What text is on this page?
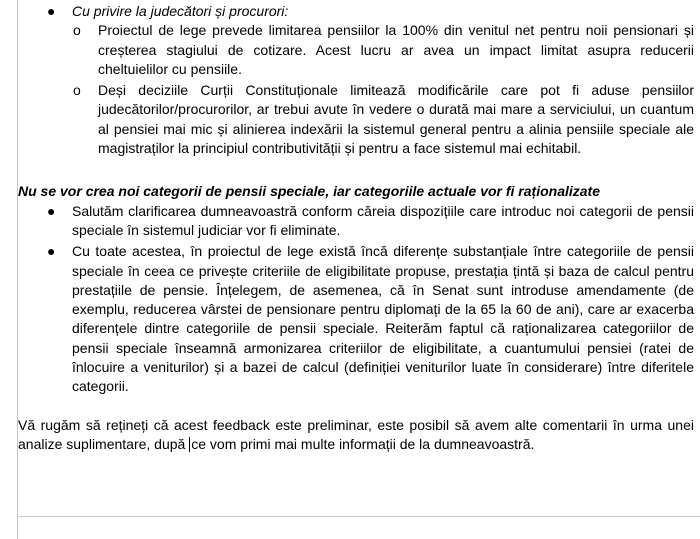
● Cu privire la judecători și procurori:
o Proiectul de lege prevede limitarea pensiilor la 100% din venitul net pentru noii pensionari și creșterea stagiului de cotizare. Acest lucru ar avea un impact limitat asupra reducerii cheltuielilor cu pensiile.
o Deși deciziile Curții Constituționale limitează modificările care pot fi aduse pensiilor judecătorilor/procurorilor, ar trebui avute în vedere o durată mai mare a serviciului, un cuantum al pensiei mai mic și alinierea indexării la sistemul general pentru a alinia pensiile speciale ale magistraților la principiul contributivității și pentru a face sistemul mai echitabil.
Nu se vor crea noi categorii de pensii speciale, iar categoriile actuale vor fi raționalizate
● Salutăm clarificarea dumneavoastră conform căreia dispozițiile care introduc noi categorii de pensii speciale în sistemul judiciar vor fi eliminate.
● Cu toate acestea, în proiectul de lege există încă diferențe substanțiale între categoriile de pensii speciale în ceea ce privește criteriile de eligibilitate propuse, prestația țintă și baza de calcul pentru prestațiile de pensie. Înțelegem, de asemenea, că în Senat sunt introduse amendamente (de exemplu, reducerea vârstei de pensionare pentru diplomați de la 65 la 60 de ani), care ar exacerba diferențele dintre categoriile de pensii speciale. Reiterăm faptul că raționalizarea categoriilor de pensii speciale înseamnă armonizarea criteriilor de eligibilitate, a cuantumului pensiei (ratei de înlocuire a veniturilor) și a bazei de calcul (definiției veniturilor luate în considerare) între diferitele categorii.
Vă rugăm să rețineți că acest feedback este preliminar, este posibil să avem alte comentarii în urma unei analize suplimentare, după ce vom primi mai multe informații de la dumneavoastră.
